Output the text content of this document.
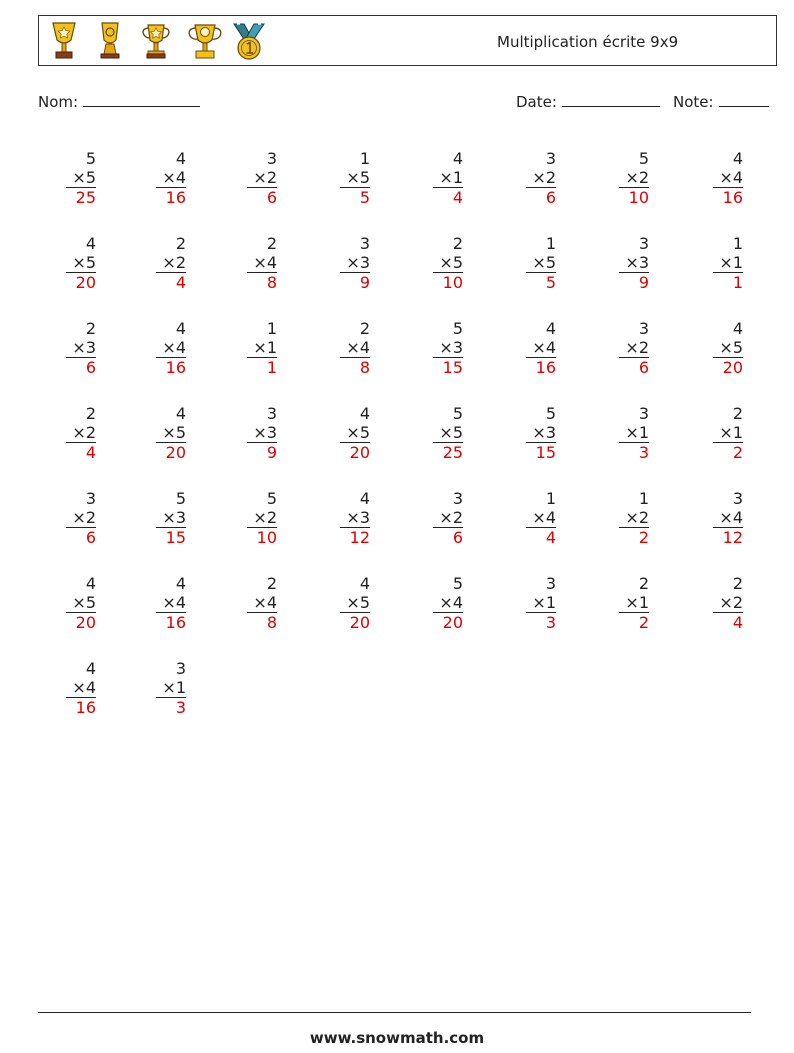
Multiplication écrite 9x9
Nom:	Date:	Note:
5
×5
25
4
×4
16
3
×2
6
1
×5
5
4
×1
4
3
×2
6
5
×2
10
4
×4
16
4
×5
20
2
×2
4
2
×4
8
3
×3
9
2
×5
10
1
×5
5
3
×3
9
1
×1
1
2
×3
6
4
×4
16
1
×1
1
2
×4
8
5
×3
15
4
×4
16
3
×2
6
4
×5
20
2
×2
4
4
×5
20
3
×3
9
4
×5
20
5
×5
25
5
×3
15
3
×1
3
2
×1
2
3
×2
6
5
×3
15
5
×2
10
4
×3
12
3
×2
6
1
×4
4
1
×2
2
3
×4
12
4
×5
20
4
×4
16
2
×4
8
4
×5
20
5
×4
20
3
×1
3
2
×1
2
2
×2
4
4
×4
16
3
×1
3
www.snowmath.com
